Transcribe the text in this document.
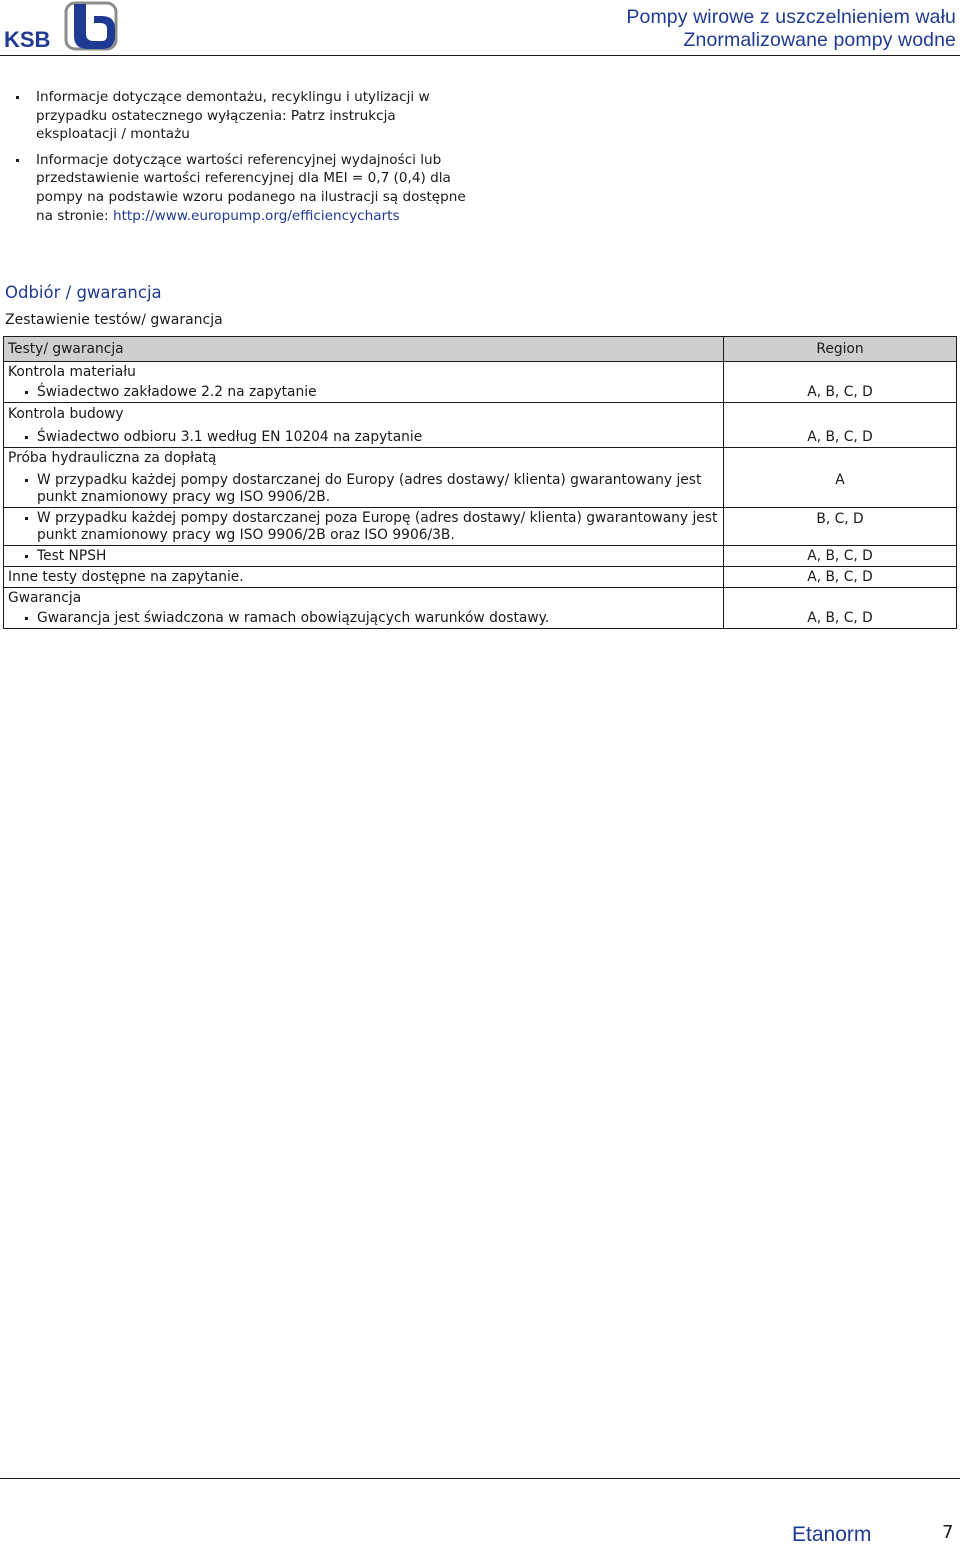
KSB
Pompy wirowe z uszczelnieniem wału
Znormalizowane pompy wodne
Informacje dotyczące demontażu, recyklingu i utylizacji w przypadku ostatecznego wyłączenia: Patrz instrukcja eksploatacji / montażu
Informacje dotyczące wartości referencyjnej wydajności lub przedstawienie wartości referencyjnej dla MEI = 0,7 (0,4) dla pompy na podstawie wzoru podanego na ilustracji są dostępne na stronie: http://www.europump.org/efficiencycharts
Odbiór / gwarancja
Zestawienie testów/ gwarancja
Testy/ gwarancja	Region
Kontrola materiału	

Świadectwo zakładowe 2.2 na zapytanie	A, B, C, D
Kontrola budowy	

Świadectwo odbioru 3.1 według EN 10204 na zapytanie	A, B, C, D
Próba hydrauliczna za dopłatą	

W przypadku każdej pompy dostarczanej do Europy (adres dostawy/ klienta) gwarantowany jest punkt znamionowy pracy wg ISO 9906/2B.	A

W przypadku każdej pompy dostarczanej poza Europę (adres dostawy/ klienta) gwarantowany jest punkt znamionowy pracy wg ISO 9906/2B oraz ISO 9906/3B.	B, C, D

Test NPSH	A, B, C, D
Inne testy dostępne na zapytanie.	A, B, C, D
Gwarancja	

Gwarancja jest świadczona w ramach obowiązujących warunków dostawy.	A, B, C, D
Etanorm	7
